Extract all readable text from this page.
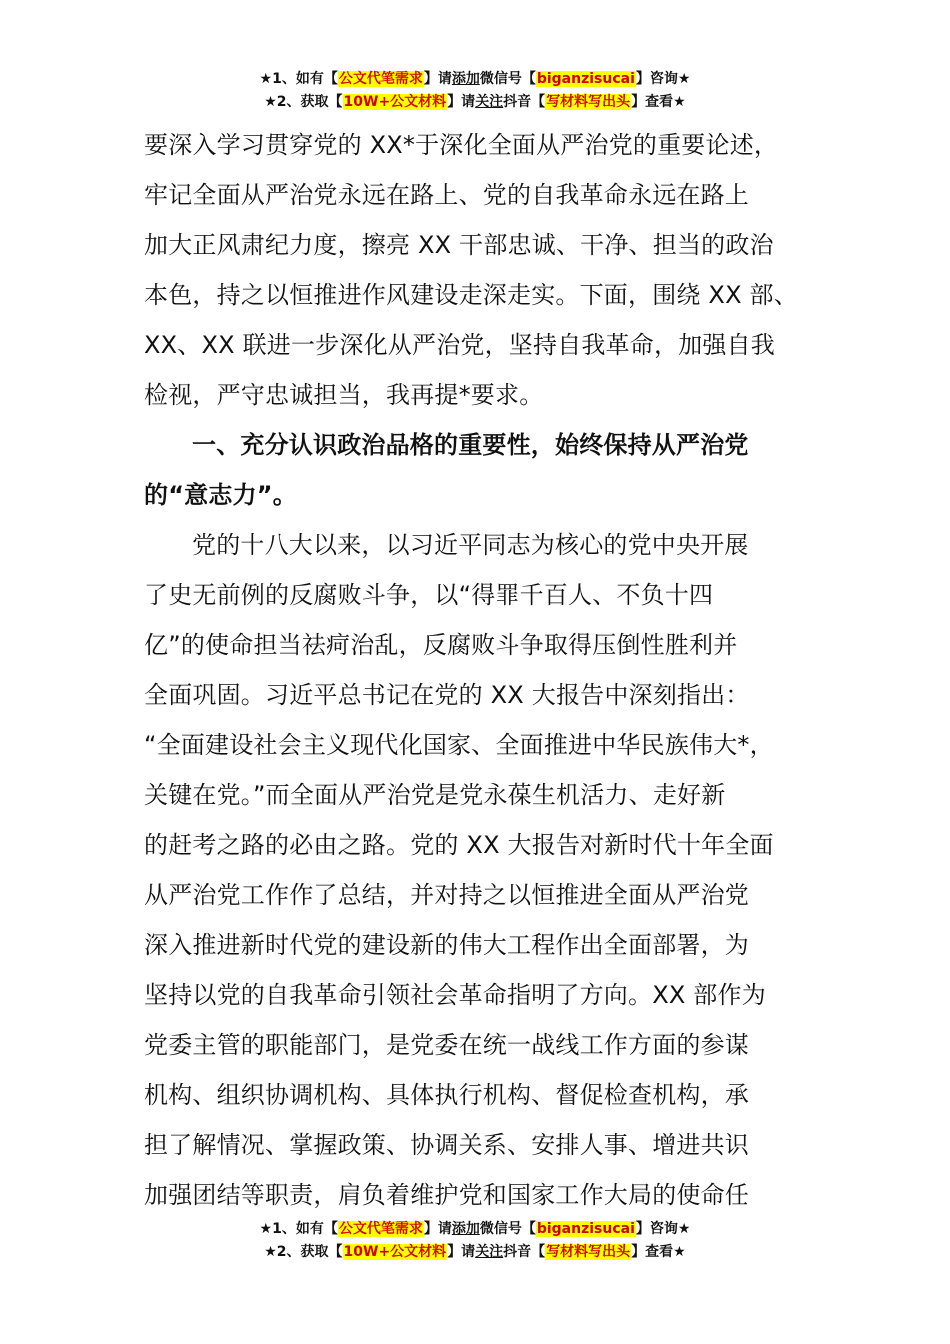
★1、如有【公文代笔需求】请添加微信号【biganzisucai】咨询★
★2、获取【10W+公文材料】请关注抖音【写材料写出头】查看★

要深入学习贯穿党的 XX*于深化全面从严治党的重要论述，
牢记全面从严治党永远在路上、党的自我革命永远在路上
加大正风肃纪力度，擦亮 XX 干部忠诚、干净、担当的政治
本色，持之以恒推进作风建设走深走实。下面，围绕 XX 部、
XX、XX 联进一步深化从严治党，坚持自我革命，加强自我
检视，严守忠诚担当，我再提*要求。

一、充分认识政治品格的重要性，始终保持从严治党
的“意志力”。

党的十八大以来，以习近平同志为核心的党中央开展
了史无前例的反腐败斗争，以“得罪千百人、不负十四
亿”的使命担当祛疴治乱，反腐败斗争取得压倒性胜利并
全面巩固。习近平总书记在党的 XX 大报告中深刻指出：
“全面建设社会主义现代化国家、全面推进中华民族伟大*，
关键在党。”而全面从严治党是党永葆生机活力、走好新
的赶考之路的必由之路。党的 XX 大报告对新时代十年全面
从严治党工作作了总结，并对持之以恒推进全面从严治党
深入推进新时代党的建设新的伟大工程作出全面部署，为
坚持以党的自我革命引领社会革命指明了方向。XX 部作为
党委主管的职能部门，是党委在统一战线工作方面的参谋
机构、组织协调机构、具体执行机构、督促检查机构，承
担了解情况、掌握政策、协调关系、安排人事、增进共识
加强团结等职责，肩负着维护党和国家工作大局的使命任

★1、如有【公文代笔需求】请添加微信号【biganzisucai】咨询★
★2、获取【10W+公文材料】请关注抖音【写材料写出头】查看★
